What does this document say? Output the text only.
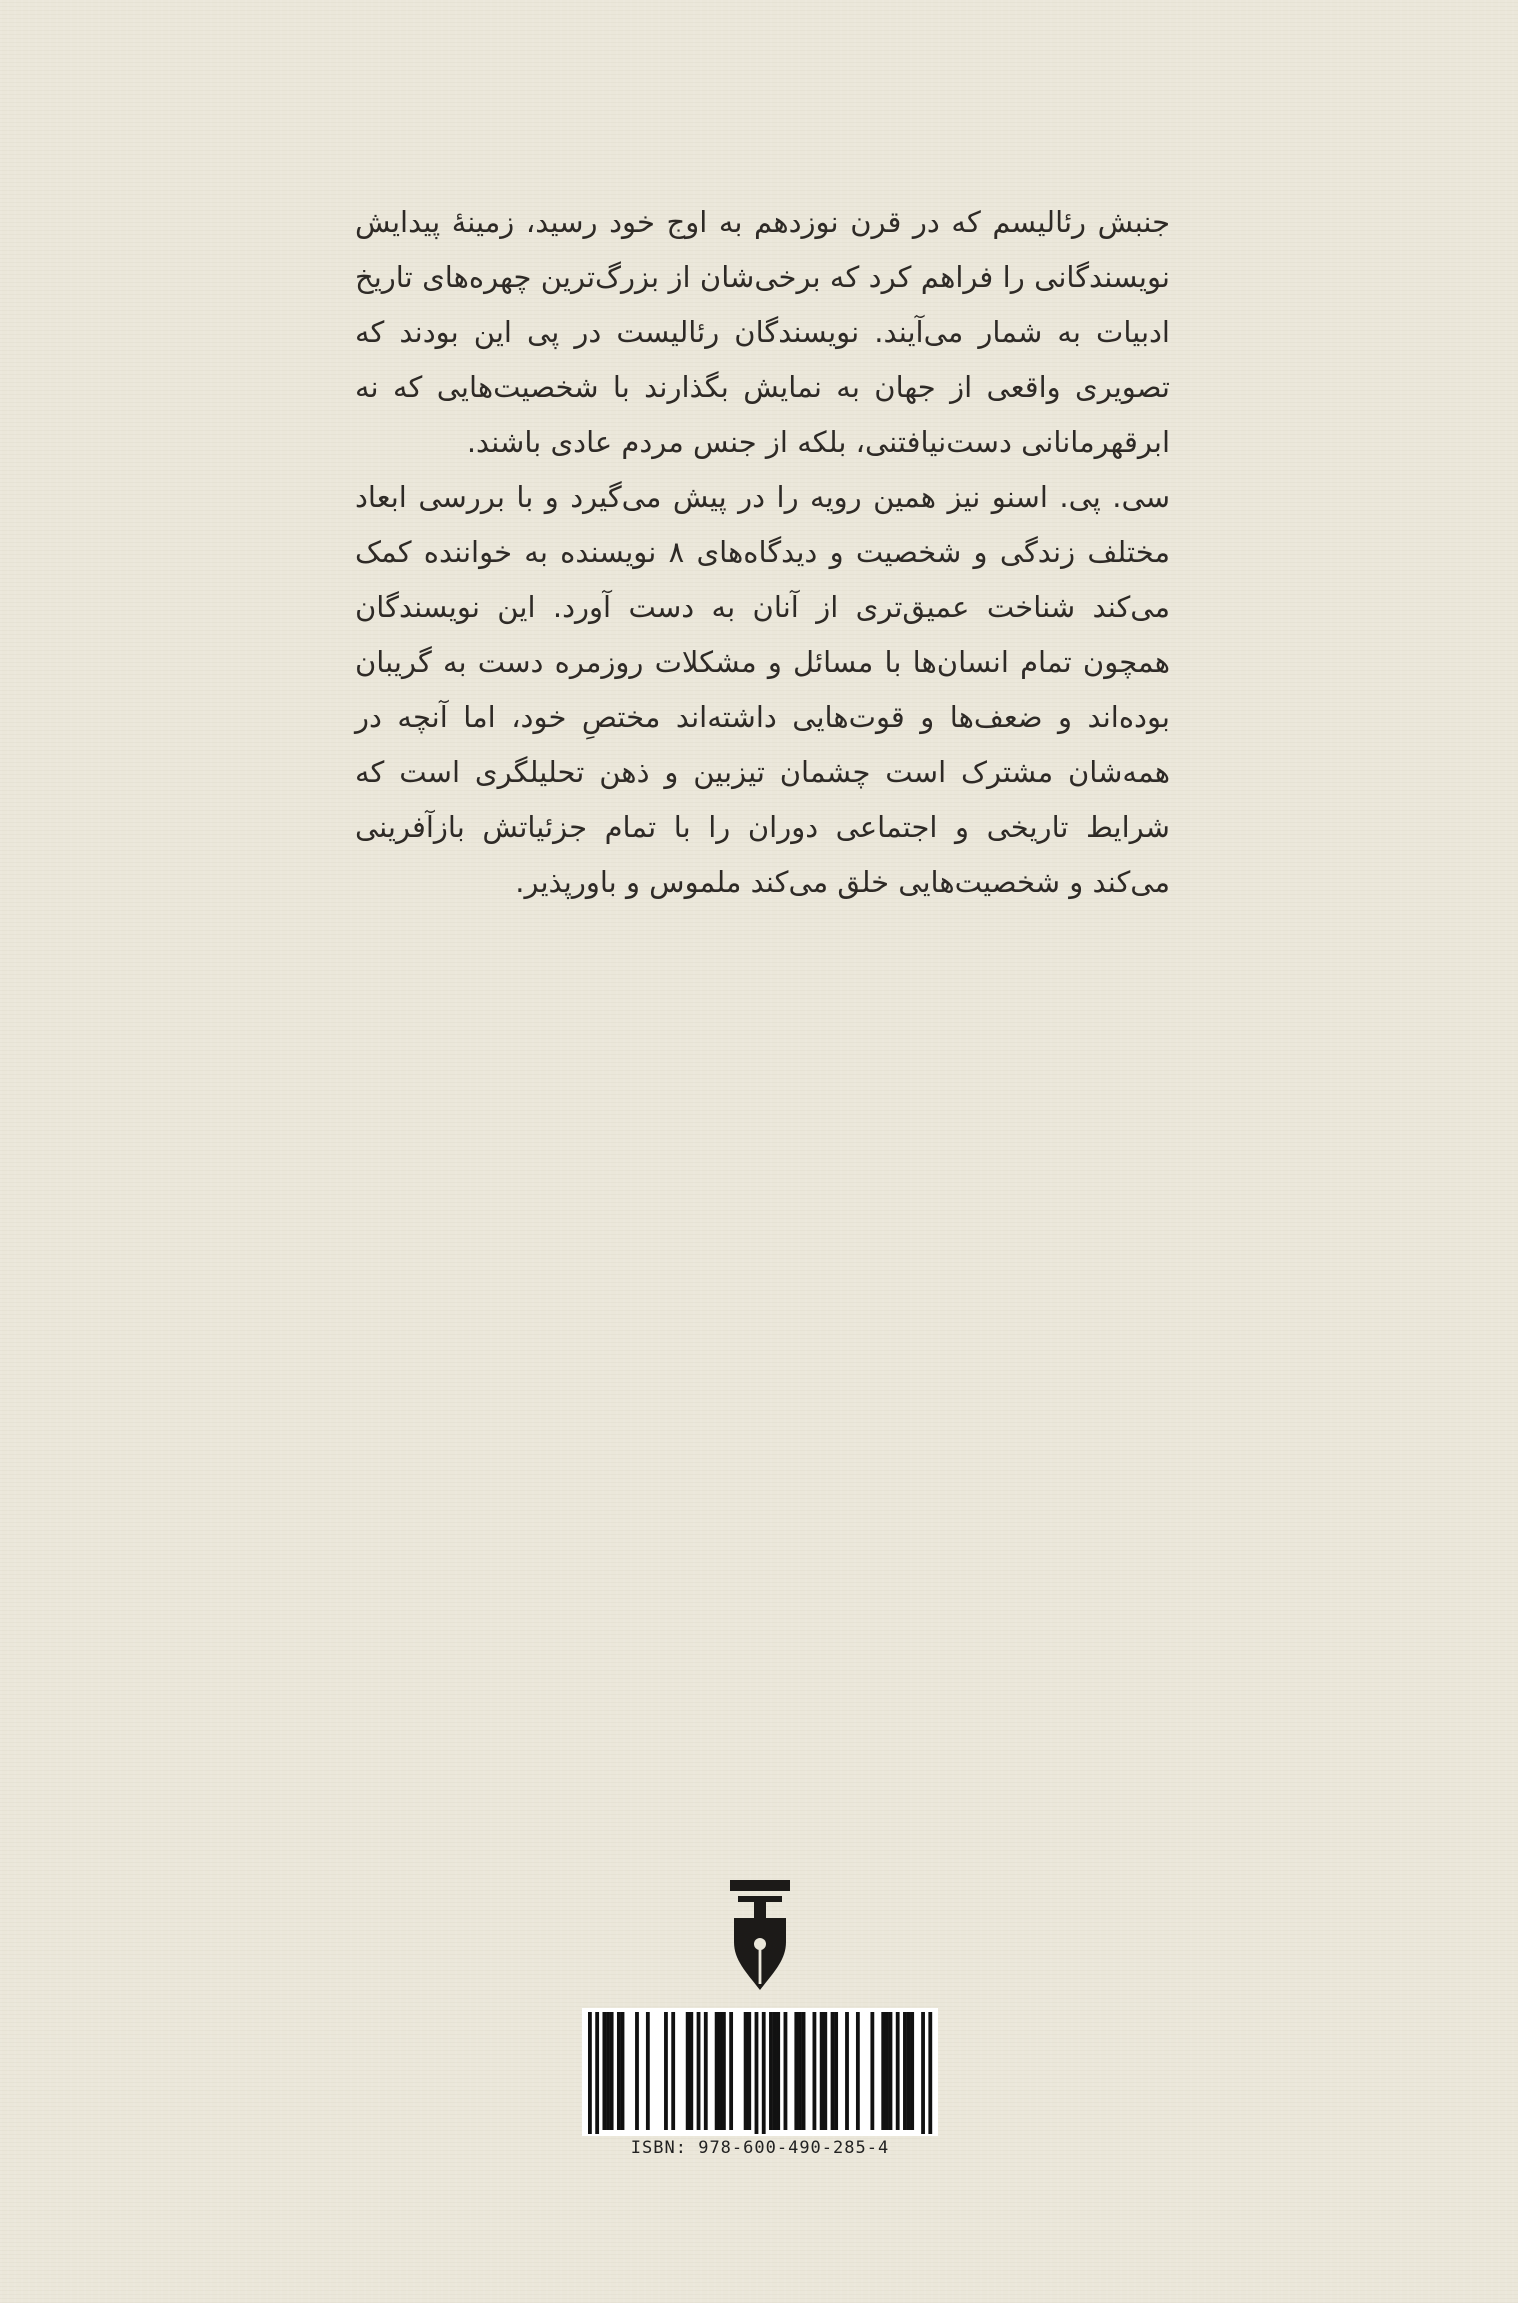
جنبش رئالیسم که در قرن نوزدهم به اوج خود رسید، زمینهٔ پیدایش نویسندگانی را فراهم کرد که برخی‌شان از بزرگ‌ترین چهره‌های تاریخ ادبیات به شمار می‌آیند. نویسندگان رئالیست در پی این بودند که تصویری واقعی از جهان به نمایش بگذارند با شخصیت‌هایی که نه ابرقهرمانانی دست‌نیافتنی، بلکه از جنس مردم عادی باشند.

سی. پی. اسنو نیز همین رویه را در پیش می‌گیرد و با بررسی ابعاد مختلف زندگی و شخصیت و دیدگاه‌های ۸ نویسنده به خواننده کمک می‌کند شناخت عمیق‌تری از آنان به دست آورد. این نویسندگان همچون تمام انسان‌ها با مسائل و مشکلات روزمره دست به گریبان بوده‌اند و ضعف‌ها و قوت‌هایی داشته‌اند مختصِ خود، اما آنچه در همه‌شان مشترک است چشمان تیزبین و ذهن تحلیلگری است که شرایط تاریخی و اجتماعی دوران را با تمام جزئیاتش بازآفرینی می‌کند و شخصیت‌هایی خلق می‌کند ملموس و باورپذیر.

ISBN: 978-600-490-285-4
